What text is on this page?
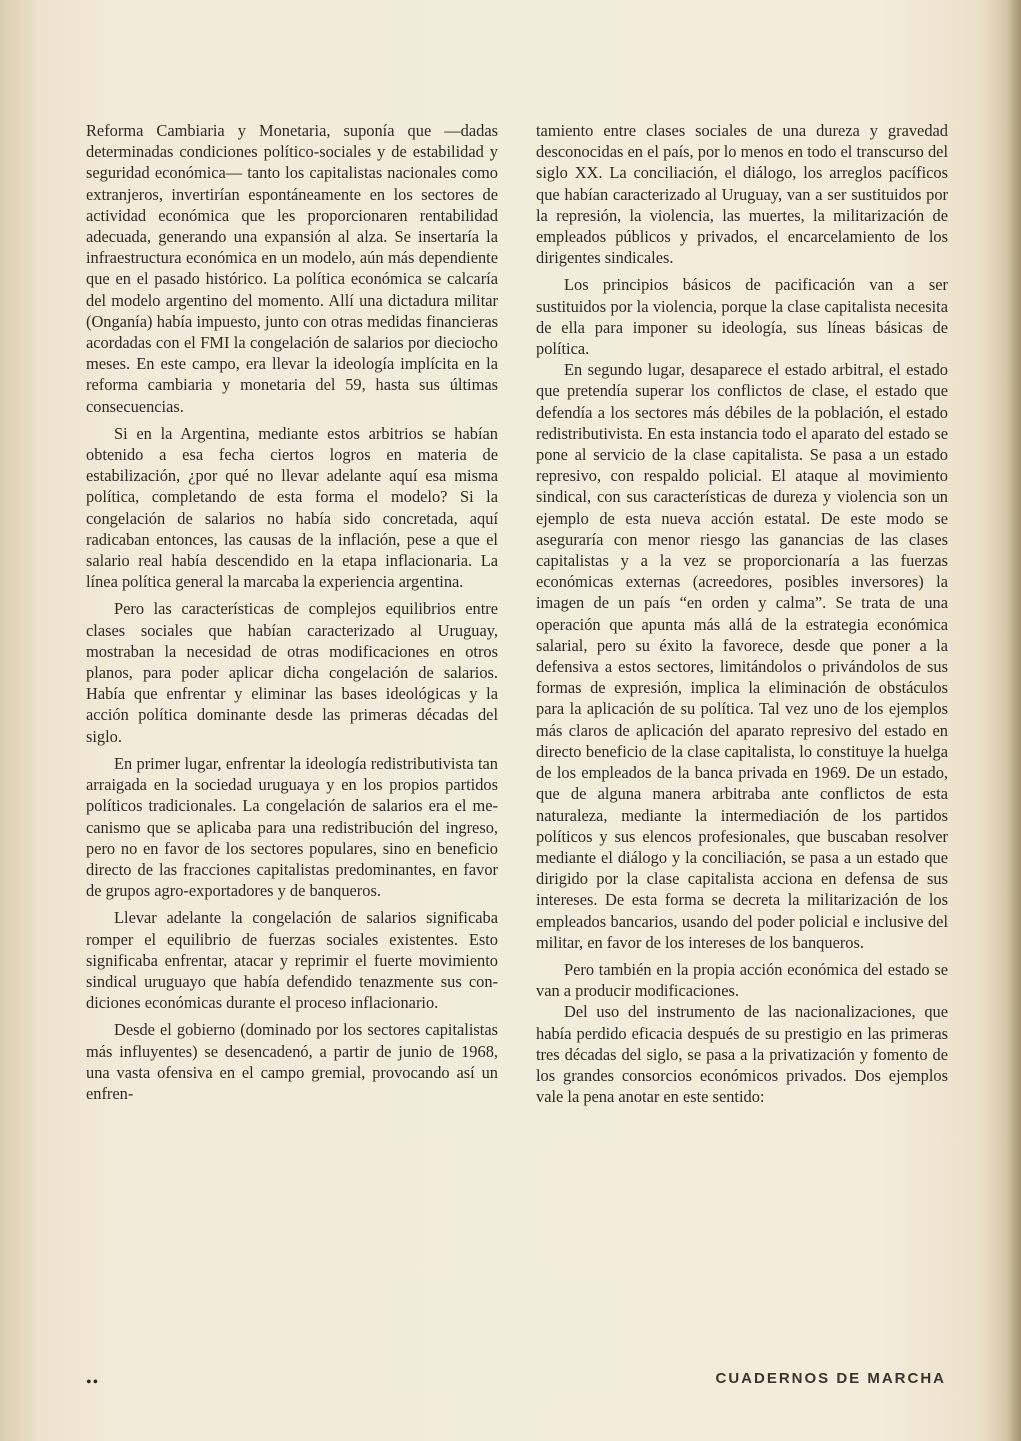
Reforma Cambiaria y Monetaria, suponía que —dadas determinadas condiciones político-sociales y de estabilidad y seguridad económica— tanto los capitalistas nacionales como extranjeros, invertirían espontáneamente en los sectores de actividad económica que les proporcionaren rentabilidad adecuada, generando una expansión al alza. Se insertaría la infraestructura económica en un modelo, aún más dependiente que en el pasado histórico. La política económica se calcaría del modelo argentino del momento. Allí una dictadura militar (Onganía) había impuesto, junto con otras medidas financieras acordadas con el FMI la congelación de salarios por dieciocho meses. En este campo, era llevar la ideología implícita en la reforma cambiaria y monetaria del 59, hasta sus últimas consecuencias.

Si en la Argentina, mediante estos arbitrios se habían obtenido a esa fecha ciertos logros en materia de estabilización, ¿por qué no llevar adelante aquí esa misma política, completando de esta forma el modelo? Si la congelación de salarios no había sido concretada, aquí radicaban entonces, las causas de la inflación, pese a que el salario real había descendido en la etapa inflacionaria. La línea política general la marcaba la experiencia argentina.

Pero las características de complejos equilibrios entre clases sociales que habían caracterizado al Uruguay, mostraban la necesidad de otras modificaciones en otros planos, para poder aplicar dicha congelación de salarios. Había que enfrentar y eliminar las bases ideológicas y la acción política dominante desde las primeras décadas del siglo.

En primer lugar, enfrentar la ideología redistributivista tan arraigada en la sociedad uruguaya y en los propios partidos políticos tradicionales. La congelación de salarios era el mecanismo que se aplicaba para una redistribución del ingreso, pero no en favor de los sectores populares, sino en beneficio directo de las fracciones capitalistas predominantes, en favor de grupos agro-exportadores y de banqueros.

Llevar adelante la congelación de salarios significaba romper el equilibrio de fuerzas sociales existentes. Esto significaba enfrentar, atacar y reprimir el fuerte movimiento sindical uruguayo que había defendido tenazmente sus condiciones económicas durante el proceso inflacionario.

Desde el gobierno (dominado por los sectores capitalistas más influyentes) se desencadenó, a partir de junio de 1968, una vasta ofensiva en el campo gremial, provocando así un enfren-

tamiento entre clases sociales de una dureza y gravedad desconocidas en el país, por lo menos en todo el transcurso del siglo XX. La conciliación, el diálogo, los arreglos pacíficos que habían caracterizado al Uruguay, van a ser sustituidos por la represión, la violencia, las muertes, la militarización de empleados públicos y privados, el encarcelamiento de los dirigentes sindicales.

Los principios básicos de pacificación van a ser sustituidos por la violencia, porque la clase capitalista necesita de ella para imponer su ideología, sus líneas básicas de política.

En segundo lugar, desaparece el estado arbitral, el estado que pretendía superar los conflictos de clase, el estado que defendía a los sectores más débiles de la población, el estado redistributivista. En esta instancia todo el aparato del estado se pone al servicio de la clase capitalista. Se pasa a un estado represivo, con respaldo policial. El ataque al movimiento sindical, con sus características de dureza y violencia son un ejemplo de esta nueva acción estatal. De este modo se aseguraría con menor riesgo las ganancias de las clases capitalistas y a la vez se proporcionaría a las fuerzas económicas externas (acreedores, posibles inversores) la imagen de un país “en orden y calma”. Se trata de una operación que apunta más allá de la estrategia económica salarial, pero su éxito la favorece, desde que poner a la defensiva a estos sectores, limitándolos o privándolos de sus formas de expresión, implica la eliminación de obstáculos para la aplicación de su política. Tal vez uno de los ejemplos más claros de aplicación del aparato represivo del estado en directo beneficio de la clase capitalista, lo constituye la huelga de los empleados de la banca privada en 1969. De un estado, que de alguna manera arbitraba ante conflictos de esta naturaleza, mediante la intermediación de los partidos políticos y sus elencos profesionales, que buscaban resolver mediante el diálogo y la conciliación, se pasa a un estado que dirigido por la clase capitalista acciona en defensa de sus intereses. De esta forma se decreta la militarización de los empleados bancarios, usando del poder policial e inclusive del militar, en favor de los intereses de los banqueros.

Pero también en la propia acción económica del estado se van a producir modificaciones.

Del uso del instrumento de las nacionalizaciones, que había perdido eficacia después de su prestigio en las primeras tres décadas del siglo, se pasa a la privatización y fomento de los grandes consorcios económicos privados. Dos ejemplos vale la pena anotar en este sentido:

••	CUADERNOS DE MARCHA
